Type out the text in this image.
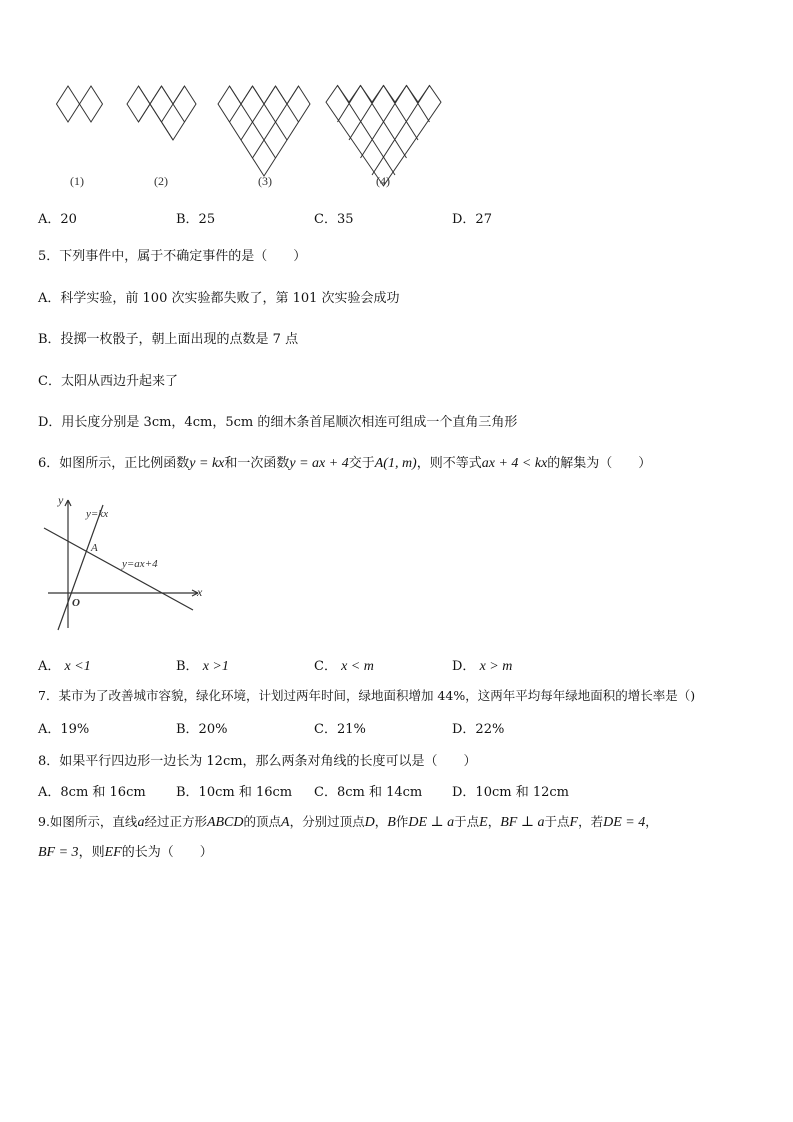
(1)	(2)	(3)	(4)
A．20	B．25	C．35	D．27
5．下列事件中，属于不确定事件的是（　　）
A．科学实验，前 100 次实验都失败了，第 101 次实验会成功
B．投掷一枚骰子，朝上面出现的点数是 7 点
C．太阳从西边升起来了
D．用长度分别是 3cm，4cm，5cm 的细木条首尾顺次相连可组成一个直角三角形
6．如图所示，正比例函数y = kx和一次函数y = ax + 4交于A(1, m)，则不等式ax + 4 < kx的解集为（　　）
y
x
O
A
y=kx
y=ax+4
A． x <1	B． x >1	C． x < m	D． x > m
7．某市为了改善城市容貌，绿化环境，计划过两年时间，绿地面积增加 44%，这两年平均每年绿地面积的增长率是（)
A．19%	B．20%	C．21%	D．22%
8．如果平行四边形一边长为 12cm，那么两条对角线的长度可以是（　　）
A．8cm 和 16cm B．10cm 和 16cm C．8cm 和 14cm D．10cm 和 12cm
9.如图所示，直线a经过正方形ABCD的顶点A，分别过顶点D，B作DE ⊥ a于点E，BF ⊥ a于点F，若DE = 4，
BF = 3，则EF的长为（　　）
